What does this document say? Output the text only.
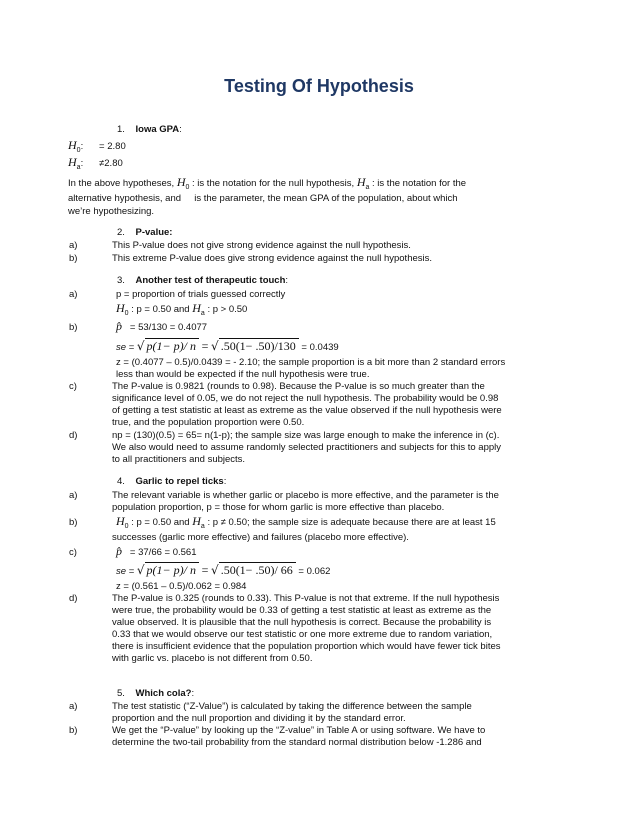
Testing Of Hypothesis
1. Iowa GPA:
$H_0$:      = 2.80
$H_a$:      ≠2.80
In the above hypotheses, $H_0$ : is the notation for the null hypothesis, $H_a$ : is the notation for the
alternative hypothesis, and     is the parameter, the mean GPA of the population, about which
we’re hypothesizing.
2. P-value:
a)	This P-value does not give strong evidence against the null hypothesis.
b)	This extreme P-value does give strong evidence against the null hypothesis.
3. Another test of therapeutic touch:
a)	p = proportion of trials guessed correctly
$H_0$ : p = 0.50 and $H_a$ : p > 0.50
b)	p̂ = 53/130 = 0.4077
se = √ p(1− p)/ n = √ .50(1− .50)/130 = 0.0439
z = (0.4077 – 0.5)/0.0439 = - 2.10; the sample proportion is a bit more than 2 standard errors
less than would be expected if the null hypothesis were true.
c)	The P-value is 0.9821 (rounds to 0.98). Because the P-value is so much greater than the
significance level of 0.05, we do not reject the null hypothesis. The probability would be 0.98
of getting a test statistic at least as extreme as the value observed if the null hypothesis were
true, and the population proportion were 0.50.
d)	np = (130)(0.5) = 65= n(1-p); the sample size was large enough to make the inference in (c).
We also would need to assume randomly selected practitioners and subjects for this to apply
to all practitioners and subjects.
4. Garlic to repel ticks:
a)	The relevant variable is whether garlic or placebo is more effective, and the parameter is the
population proportion, p = those for whom garlic is more effective than placebo.
b)	$H_0$ : p = 0.50 and $H_a$ : p ≠ 0.50; the sample size is adequate because there are at least 15
successes (garlic more effective) and failures (placebo more effective).
c)	p̂ = 37/66 = 0.561
se = √ p(1− p)/ n = √ .50(1− .50)/ 66 = 0.062
z = (0.561 – 0.5)/0.062 = 0.984
d)	The P-value is 0.325 (rounds to 0.33). This P-value is not that extreme. If the null hypothesis
were true, the probability would be 0.33 of getting a test statistic at least as extreme as the
value observed. It is plausible that the null hypothesis is correct. Because the probability is
0.33 that we would observe our test statistic or one more extreme due to random variation,
there is insufficient evidence that the population proportion which would have fewer tick bites
with garlic vs. placebo is not different from 0.50.
5. Which cola?:
a)	The test statistic (“Z-Value”) is calculated by taking the difference between the sample
proportion and the null proportion and dividing it by the standard error.
b)	We get the “P-value” by looking up the “Z-value” in Table A or using software. We have to
determine the two-tail probability from the standard normal distribution below -1.286 and
